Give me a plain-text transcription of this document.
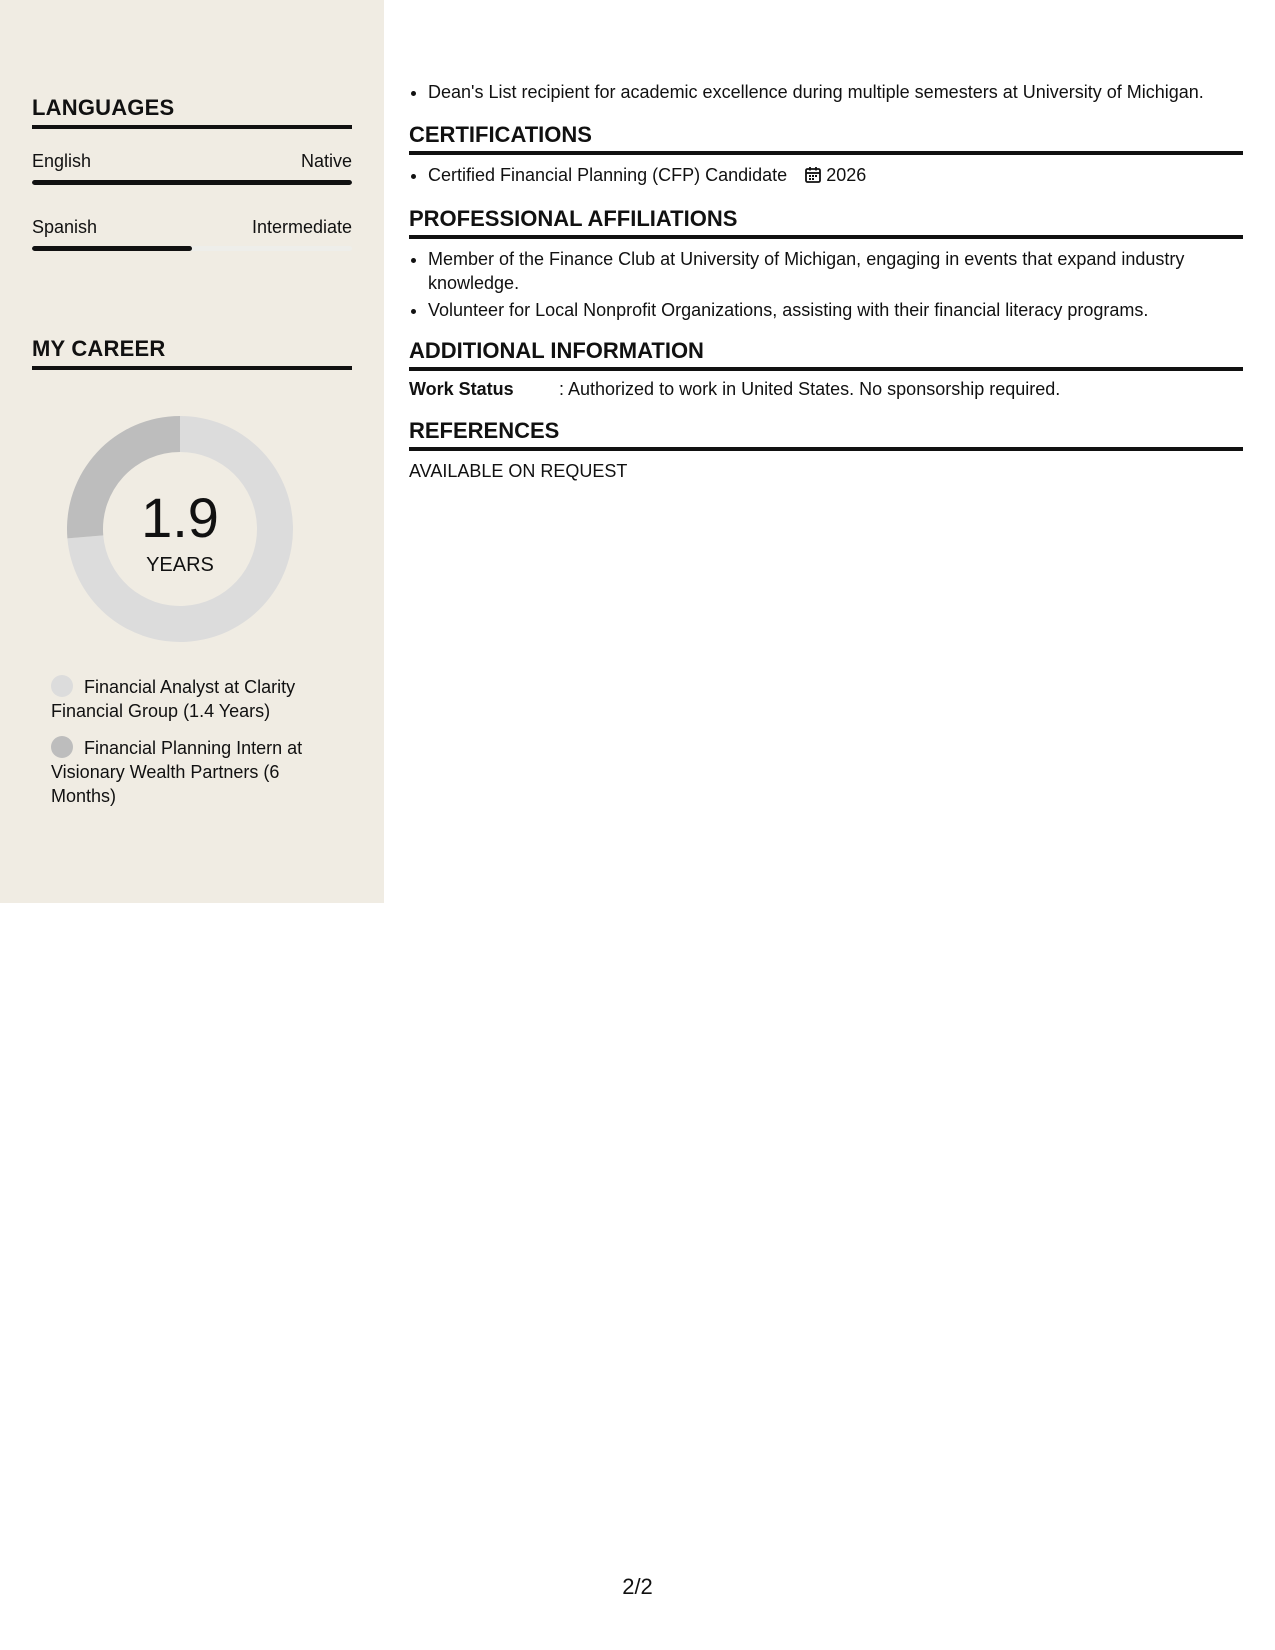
LANGUAGES
English	Native
Spanish	Intermediate
MY CAREER
1.9
YEARS
Financial Analyst at Clarity Financial Group (1.4 Years)
Financial Planning Intern at Visionary Wealth Partners (6 Months)
• Dean's List recipient for academic excellence during multiple semesters at University of Michigan.
CERTIFICATIONS
• Certified Financial Planning (CFP) Candidate 2026
PROFESSIONAL AFFILIATIONS
• Member of the Finance Club at University of Michigan, engaging in events that expand industry knowledge.
• Volunteer for Local Nonprofit Organizations, assisting with their financial literacy programs.
ADDITIONAL INFORMATION
Work Status	: Authorized to work in United States. No sponsorship required.
REFERENCES
AVAILABLE ON REQUEST
2/2
